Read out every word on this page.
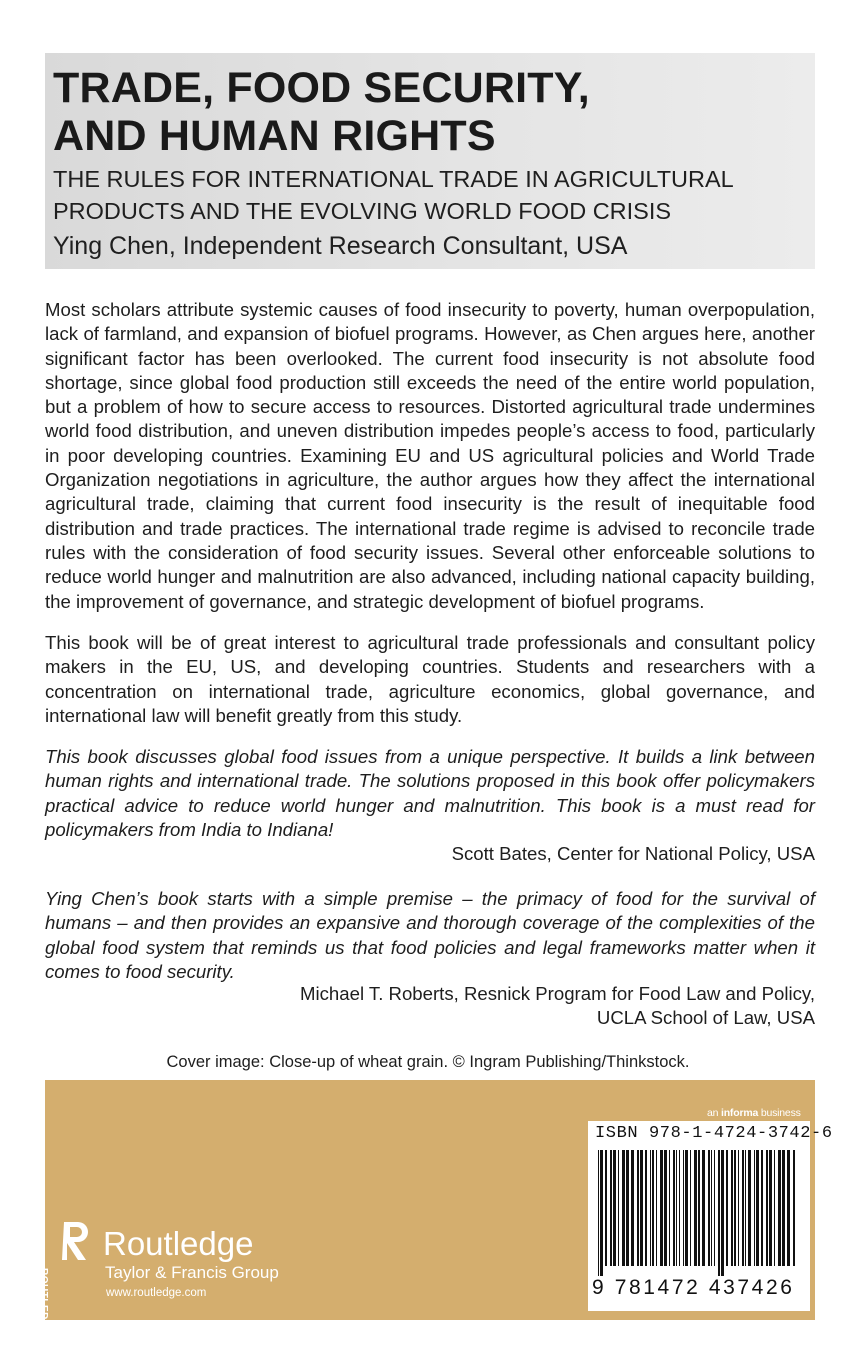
TRADE, FOOD SECURITY,
AND HUMAN RIGHTS

THE RULES FOR INTERNATIONAL TRADE IN AGRICULTURAL
PRODUCTS AND THE EVOLVING WORLD FOOD CRISIS

Ying Chen, Independent Research Consultant, USA

Most scholars attribute systemic causes of food insecurity to poverty, human overpopulation, lack of farmland, and expansion of biofuel programs. However, as Chen argues here, another significant factor has been overlooked. The current food insecurity is not absolute food shortage, since global food production still exceeds the need of the entire world population, but a problem of how to secure access to resources. Distorted agricultural trade undermines world food distribution, and uneven distribution impedes people’s access to food, particularly in poor developing countries. Examining EU and US agricultural policies and World Trade Organization negotiations in agriculture, the author argues how they affect the international agricultural trade, claiming that current food insecurity is the result of inequitable food distribution and trade practices. The international trade regime is advised to reconcile trade rules with the consideration of food security issues. Several other enforceable solutions to reduce world hunger and malnutrition are also advanced, including national capacity building, the improvement of governance, and strategic development of biofuel programs.

This book will be of great interest to agricultural trade professionals and consultant policy makers in the EU, US, and developing countries. Students and researchers with a concentration on international trade, agriculture economics, global governance, and international law will benefit greatly from this study.

This book discusses global food issues from a unique perspective. It builds a link between human rights and international trade. The solutions proposed in this book offer policymakers practical advice to reduce world hunger and malnutrition. This book is a must read for policymakers from India to Indiana!

Scott Bates, Center for National Policy, USA

Ying Chen’s book starts with a simple premise – the primacy of food for the survival of humans – and then provides an expansive and thorough coverage of the complexities of the global food system that reminds us that food policies and legal frameworks matter when it comes to food security.

Michael T. Roberts, Resnick Program for Food Law and Policy,
UCLA School of Law, USA

Cover image: Close-up of wheat grain. © Ingram Publishing/Thinkstock.

an informa business
ISBN 978-1-4724-3742-6
9 781472 437426
ROUTLEDGE
Routledge
Taylor & Francis Group
www.routledge.com
